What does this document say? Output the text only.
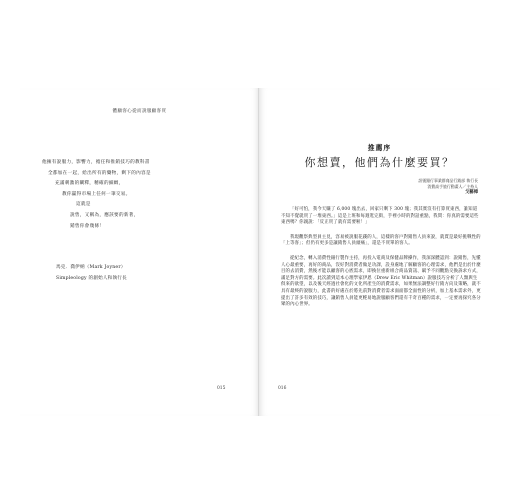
體顧客心從而說服顧客買
他擁有說服力，影響力，擔任和推銷技巧的教科書
全都加在一起，給出所有的藥物，剩下的內容是
充滿刺激的闡釋，精確的細緻，
教你贏得市場上任何一筆交易。
這就是
說售，又稱為，應該要的新著，
銷售你會幾條！
馬克．喬伊納（Mark Joyner）
Simpleology 的創始人和執行長
015
推薦序
你想賣，他們為什麼要買？
訊號銀行事業群商品行銷部 執行長
消費高手旅行動畫人／主持人
戈藝樟

「好可怕，我今天賺了 6,000 塊出去，回家只剩下 300 塊；我其實沒有打算買東西，誰知道不知不覺就買了一堆東西。」這是上班和每週逛完街，手裡小時的對話重點，我問：你真的需要這些東西嗎？你親說：「反正買了就有需要啦！」

我現觀察典型員主見，容易被說服花錢的人，這樣的客戶對銷售人員來說，就賈是最好挑戰性的「上等客」；但仍有更多是讓銷售人員頭痛」，還是不買單的客人。

從紀念，轉入消費性銀行製作主持，再投入電商及保健品牌操作，我深深體認到：說銷售，先懂人心最重要，再好的商品，沒好對消費者做足功課，設身處地了解顧客的心理需求，他們是出於什麼目的去消費，然後才能以顧客的心底需求，即換位重新組合商品資訊、賦予不同觀點交換訴求方式，滿足對方的需要。此次讀到這本心理學家伊恩（Drew Eric Whitman）說服技巧分析了人類與生俱來的欲望，以及後天經過社會化的文化所產生的消費需求，如果無法調整好行銷方向及策略，就不具有最終的說服力，此書的好處在於將先前對消費者需求面面都全面性的分析，加上基本需求外，更提出了許多有效的技巧，讓銷售人員能更輕易地說服顧客們還有千奇百種的需求，一定要再探究各分眾的內心世界。

016
